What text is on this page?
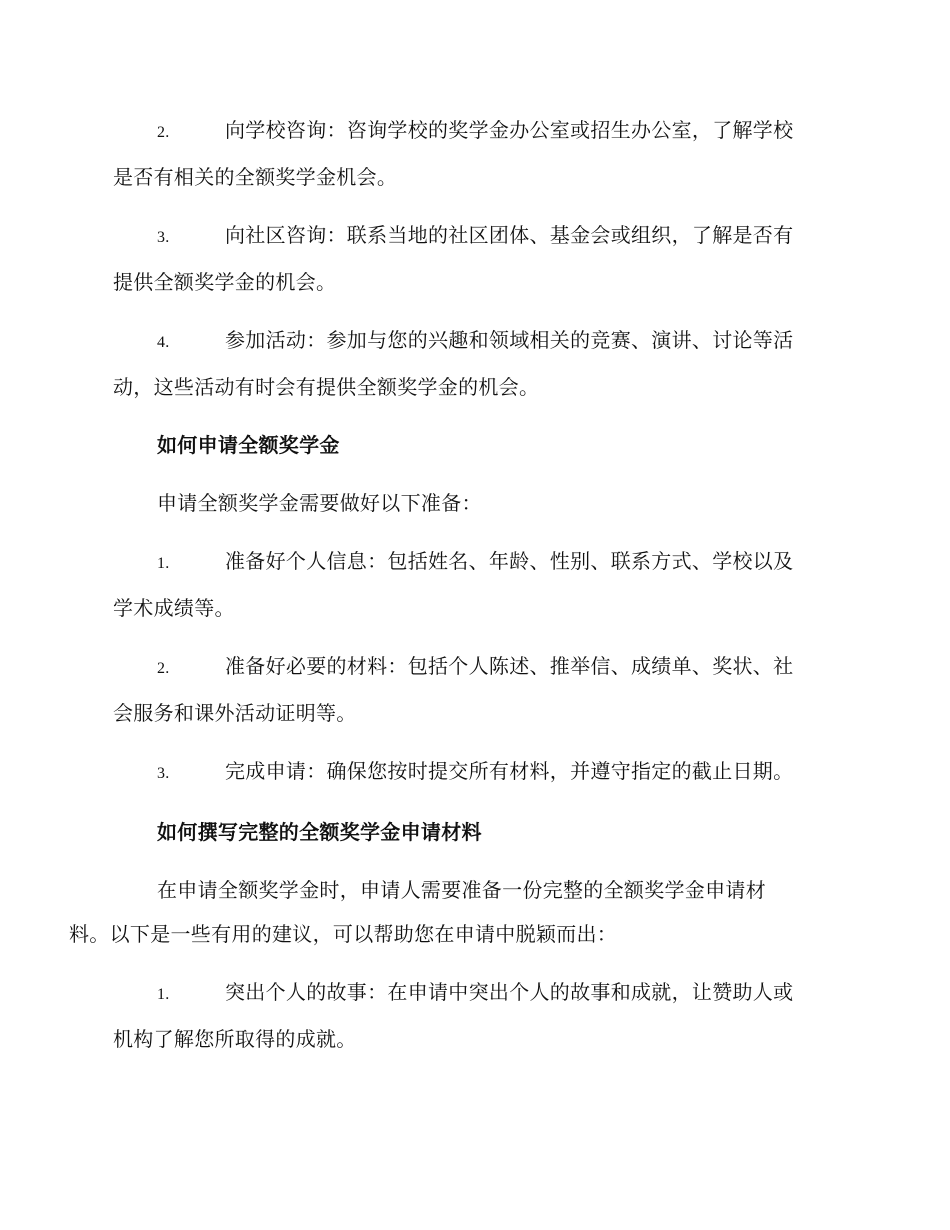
2.	向学校咨询：咨询学校的奖学金办公室或招生办公室，了解学校
是否有相关的全额奖学金机会。
3.	向社区咨询：联系当地的社区团体、基金会或组织，了解是否有
提供全额奖学金的机会。
4.	参加活动：参加与您的兴趣和领域相关的竞赛、演讲、讨论等活
动，这些活动有时会有提供全额奖学金的机会。
如何申请全额奖学金
申请全额奖学金需要做好以下准备：
1.	准备好个人信息：包括姓名、年龄、性别、联系方式、学校以及
学术成绩等。
2.	准备好必要的材料：包括个人陈述、推举信、成绩单、奖状、社
会服务和课外活动证明等。
3.	完成申请：确保您按时提交所有材料，并遵守指定的截止日期。
如何撰写完整的全额奖学金申请材料
在申请全额奖学金时，申请人需要准备一份完整的全额奖学金申请材
料。以下是一些有用的建议，可以帮助您在申请中脱颖而出：
1.	突出个人的故事：在申请中突出个人的故事和成就，让赞助人或
机构了解您所取得的成就。
